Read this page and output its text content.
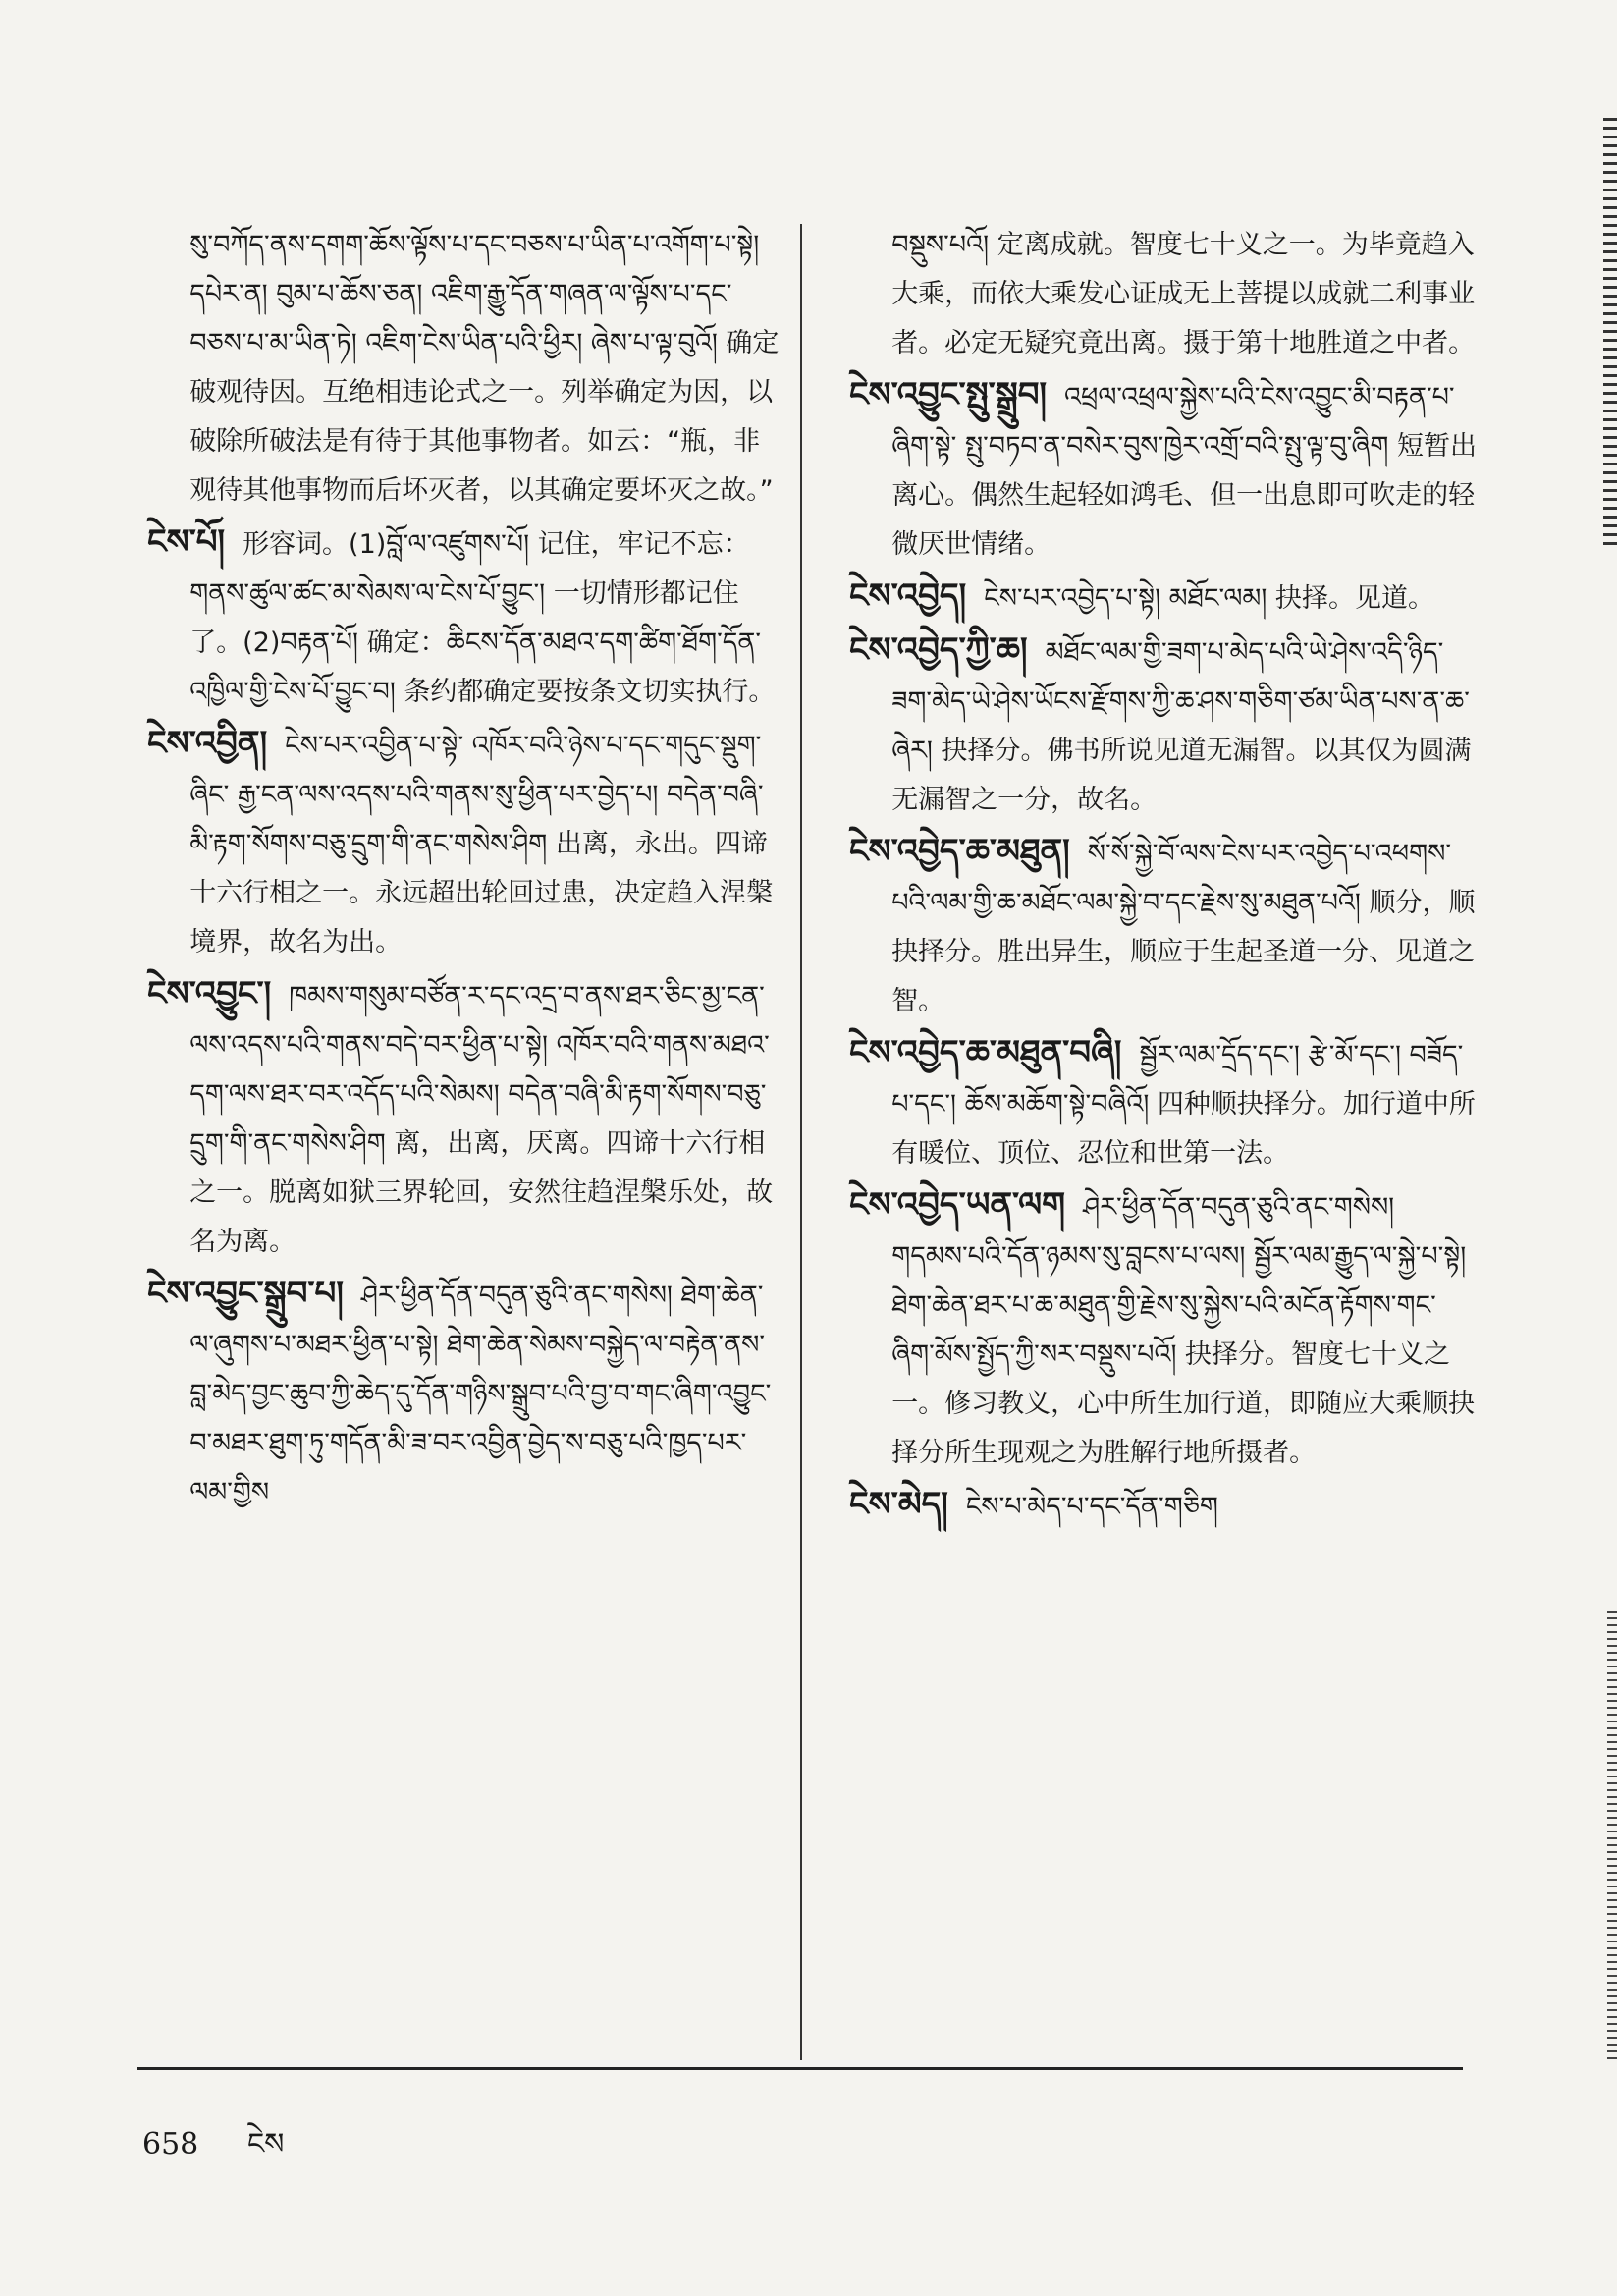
སུ་བཀོད་ནས་དགག་ཆོས་ལྟོས་པ་དང་བཅས་པ་ཡིན་པ་འགོག་པ་སྟེ། དཔེར་ན། བུམ་པ་ཆོས་ཅན། འཇིག་རྒྱུ་དོན་གཞན་ལ་ལྟོས་པ་དང་བཅས་པ་མ་ཡིན་ཏེ། འཇིག་ངེས་ཡིན་པའི་ཕྱིར། ཞེས་པ་ལྟ་བུའོ། 确定破观待因。互绝相违论式之一。列举确定为因，以破除所破法是有待于其他事物者。如云：“瓶，非观待其他事物而后坏灭者，以其确定要坏灭之故。”

ངེས་པོ། 形容词。(1)བློ་ལ་འཛུགས་པོ། 记住，牢记不忘：གནས་ཚུལ་ཚང་མ་སེམས་ལ་ངེས་པོ་བྱུང་། 一切情形都记住了。(2)བརྟན་པོ། 确定：ཆིངས་དོན་མཐའ་དག་ཚིག་ཐོག་དོན་འཁྱིལ་གྱི་ངེས་པོ་བྱུང་བ། 条约都确定要按条文切实执行。

ངེས་འབྱིན། ངེས་པར་འབྱིན་པ་སྟེ་ འཁོར་བའི་ཉེས་པ་དང་གདུང་སྡུག་ཞིང་ རྒྱ་ངན་ལས་འདས་པའི་གནས་སུ་ཕྱིན་པར་བྱེད་པ། བདེན་བཞི་མི་རྟག་སོགས་བཅུ་དྲུག་གི་ནང་གསེས་ཤིག 出离，永出。四谛十六行相之一。永远超出轮回过患，决定趋入涅槃境界，故名为出。

ངེས་འབྱུང་། ཁམས་གསུམ་བཙོན་ར་དང་འདྲ་བ་ནས་ཐར་ཅིང་མྱ་ངན་ལས་འདས་པའི་གནས་བདེ་བར་ཕྱིན་པ་སྟེ། འཁོར་བའི་གནས་མཐའ་དག་ལས་ཐར་བར་འདོད་པའི་སེམས། བདེན་བཞི་མི་རྟག་སོགས་བཅུ་དྲུག་གི་ནང་གསེས་ཤིག 离，出离，厌离。四谛十六行相之一。脱离如狱三界轮回，安然往趋涅槃乐处，故名为离。

ངེས་འབྱུང་སྒྲུབ་པ། ཤེར་ཕྱིན་དོན་བདུན་ཅུའི་ནང་གསེས། ཐེག་ཆེན་ལ་ཞུགས་པ་མཐར་ཕྱིན་པ་སྟེ། ཐེག་ཆེན་སེམས་བསྐྱེད་ལ་བརྟེན་ནས་བླ་མེད་བྱང་ཆུབ་ཀྱི་ཆེད་དུ་དོན་གཉིས་སྒྲུབ་པའི་བྱ་བ་གང་ཞིག་འབྱུང་བ་མཐར་ཐུག་ཏུ་གདོན་མི་ཟ་བར་འབྱིན་བྱེད་ས་བཅུ་པའི་ཁྱད་པར་ལམ་གྱིས

བསྡུས་པའོ། 定离成就。智度七十义之一。为毕竟趋入大乘，而依大乘发心证成无上菩提以成就二利事业者。必定无疑究竟出离。摄于第十地胜道之中者。

ངེས་འབྱུང་སྤུ་སྒྲུབ། འཕྲལ་འཕྲལ་སྐྱེས་པའི་ངེས་འབྱུང་མི་བརྟན་པ་ཞིག་སྟེ་ སྤུ་བཏབ་ན་བསེར་བུས་ཁྱེར་འགྲོ་བའི་སྤུ་ལྟ་བུ་ཞིག 短暂出离心。偶然生起轻如鸿毛、但一出息即可吹走的轻微厌世情绪。

ངེས་འབྱེད། ངེས་པར་འབྱེད་པ་སྟེ། མཐོང་ལམ། 抉择。见道。

ངེས་འབྱེད་ཀྱི་ཆ། མཐོང་ལམ་གྱི་ཟག་པ་མེད་པའི་ཡེ་ཤེས་འདི་ཉིད་ཟག་མེད་ཡེ་ཤེས་ཡོངས་རྫོགས་ཀྱི་ཆ་ཤས་གཅིག་ཙམ་ཡིན་པས་ན་ཆ་ཞེར། 抉择分。佛书所说见道无漏智。以其仅为圆满无漏智之一分，故名。

ངེས་འབྱེད་ཆ་མཐུན། སོ་སོ་སྐྱེ་བོ་ལས་ངེས་པར་འབྱེད་པ་འཕགས་པའི་ལམ་གྱི་ཆ་མཐོང་ལམ་སྐྱེ་བ་དང་རྗེས་སུ་མཐུན་པའོ། 顺分，顺抉择分。胜出异生，顺应于生起圣道一分、见道之智。

ངེས་འབྱེད་ཆ་མཐུན་བཞི། སྦྱོར་ལམ་དྲོད་དང་། རྩེ་མོ་དང་། བཟོད་པ་དང་། ཆོས་མཆོག་སྟེ་བཞིའོ། 四种顺抉择分。加行道中所有暖位、顶位、忍位和世第一法。

ངེས་འབྱེད་ཡན་ལག ཤེར་ཕྱིན་དོན་བདུན་ཅུའི་ནང་གསེས། གདམས་པའི་དོན་ཉམས་སུ་བླངས་པ་ལས། སྦྱོར་ལམ་རྒྱུད་ལ་སྐྱེ་པ་སྟེ། ཐེག་ཆེན་ཐར་པ་ཆ་མཐུན་གྱི་རྗེས་སུ་སྐྱེས་པའི་མངོན་རྟོགས་གང་ཞིག་མོས་སྤྱོད་ཀྱི་སར་བསྡུས་པའོ། 抉择分。智度七十义之一。修习教义，心中所生加行道，即随应大乘顺抉择分所生现观之为胜解行地所摄者。

ངེས་མེད། ངེས་པ་མེད་པ་དང་དོན་གཅིག

658 ངེས
